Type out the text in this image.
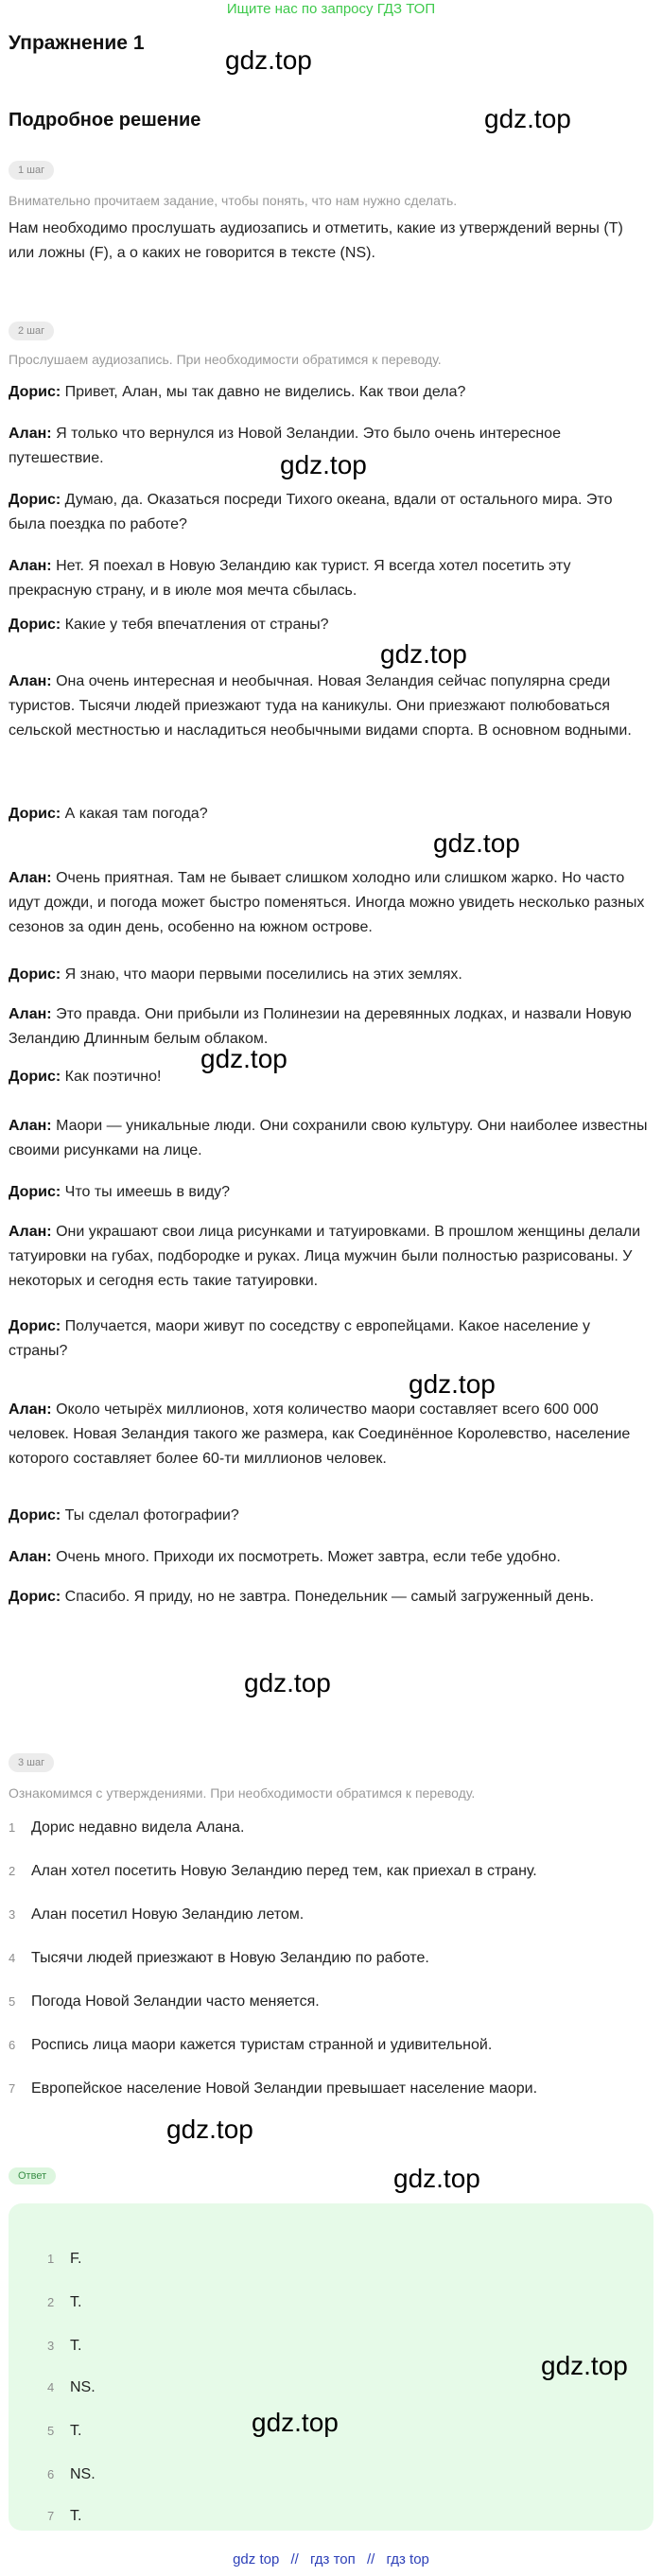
Ищите нас по запросу ГДЗ ТОП
Упражнение 1
gdz.top
Подробное решение	gdz.top
1 шаг
Внимательно прочитаем задание, чтобы понять, что нам нужно сделать.
Нам необходимо прослушать аудиозапись и отметить, какие из утверждений верны (T) или ложны (F), а о каких не говорится в тексте (NS).
2 шаг
Прослушаем аудиозапись. При необходимости обратимся к переводу.
Дорис: Привет, Алан, мы так давно не виделись. Как твои дела?
Алан: Я только что вернулся из Новой Зеландии. Это было очень интересное путешествие.	gdz.top
Дорис: Думаю, да. Оказаться посреди Тихого океана, вдали от остального мира. Это была поездка по работе?
Алан: Нет. Я поехал в Новую Зеландию как турист. Я всегда хотел посетить эту прекрасную страну, и в июле моя мечта сбылась.
Дорис: Какие у тебя впечатления от страны?
gdz.top
Алан: Она очень интересная и необычная. Новая Зеландия сейчас популярна среди туристов. Тысячи людей приезжают туда на каникулы. Они приезжают полюбоваться сельской местностью и насладиться необычными видами спорта. В основном водными.
Дорис: А какая там погода?
gdz.top
Алан: Очень приятная. Там не бывает слишком холодно или слишком жарко. Но часто идут дожди, и погода может быстро поменяться. Иногда можно увидеть несколько разных сезонов за один день, особенно на южном острове.
Дорис: Я знаю, что маори первыми поселились на этих землях.
Алан: Это правда. Они прибыли из Полинезии на деревянных лодках, и назвали Новую Зеландию Длинным белым облаком.
Дорис: Как поэтично!
gdz.top
Алан: Маори — уникальные люди. Они сохранили свою культуру. Они наиболее известны своими рисунками на лице.
Дорис: Что ты имеешь в виду?
Алан: Они украшают свои лица рисунками и татуировками. В прошлом женщины делали татуировки на губах, подбородке и руках. Лица мужчин были полностью разрисованы. У некоторых и сегодня есть такие татуировки.
Дорис: Получается, маори живут по соседству с европейцами. Какое население у страны?
gdz.top
Алан: Около четырёх миллионов, хотя количество маори составляет всего 600 000 человек. Новая Зеландия такого же размера, как Соединённое Королевство, население которого составляет более 60-ти миллионов человек.
Дорис: Ты сделал фотографии?
Алан: Очень много. Приходи их посмотреть. Может завтра, если тебе удобно.
Дорис: Спасибо. Я приду, но не завтра. Понедельник — самый загруженный день.
gdz.top
3 шаг
Ознакомимся с утверждениями. При необходимости обратимся к переводу.
1 Дорис недавно видела Алана.
2 Алан хотел посетить Новую Зеландию перед тем, как приехал в страну.
3 Алан посетил Новую Зеландию летом.
4 Тысячи людей приезжают в Новую Зеландию по работе.
5 Погода Новой Зеландии часто меняется.
6 Роспись лица маори кажется туристам странной и удивительной.
7 Европейское население Новой Зеландии превышает население маори.
gdz.top
Ответ	gdz.top
1 F.
2 T.
3 T.
4 NS.
5 T.
6 NS.
7 T.
gdz.top
gdz.top
gdz top // гдз топ // гдз top
